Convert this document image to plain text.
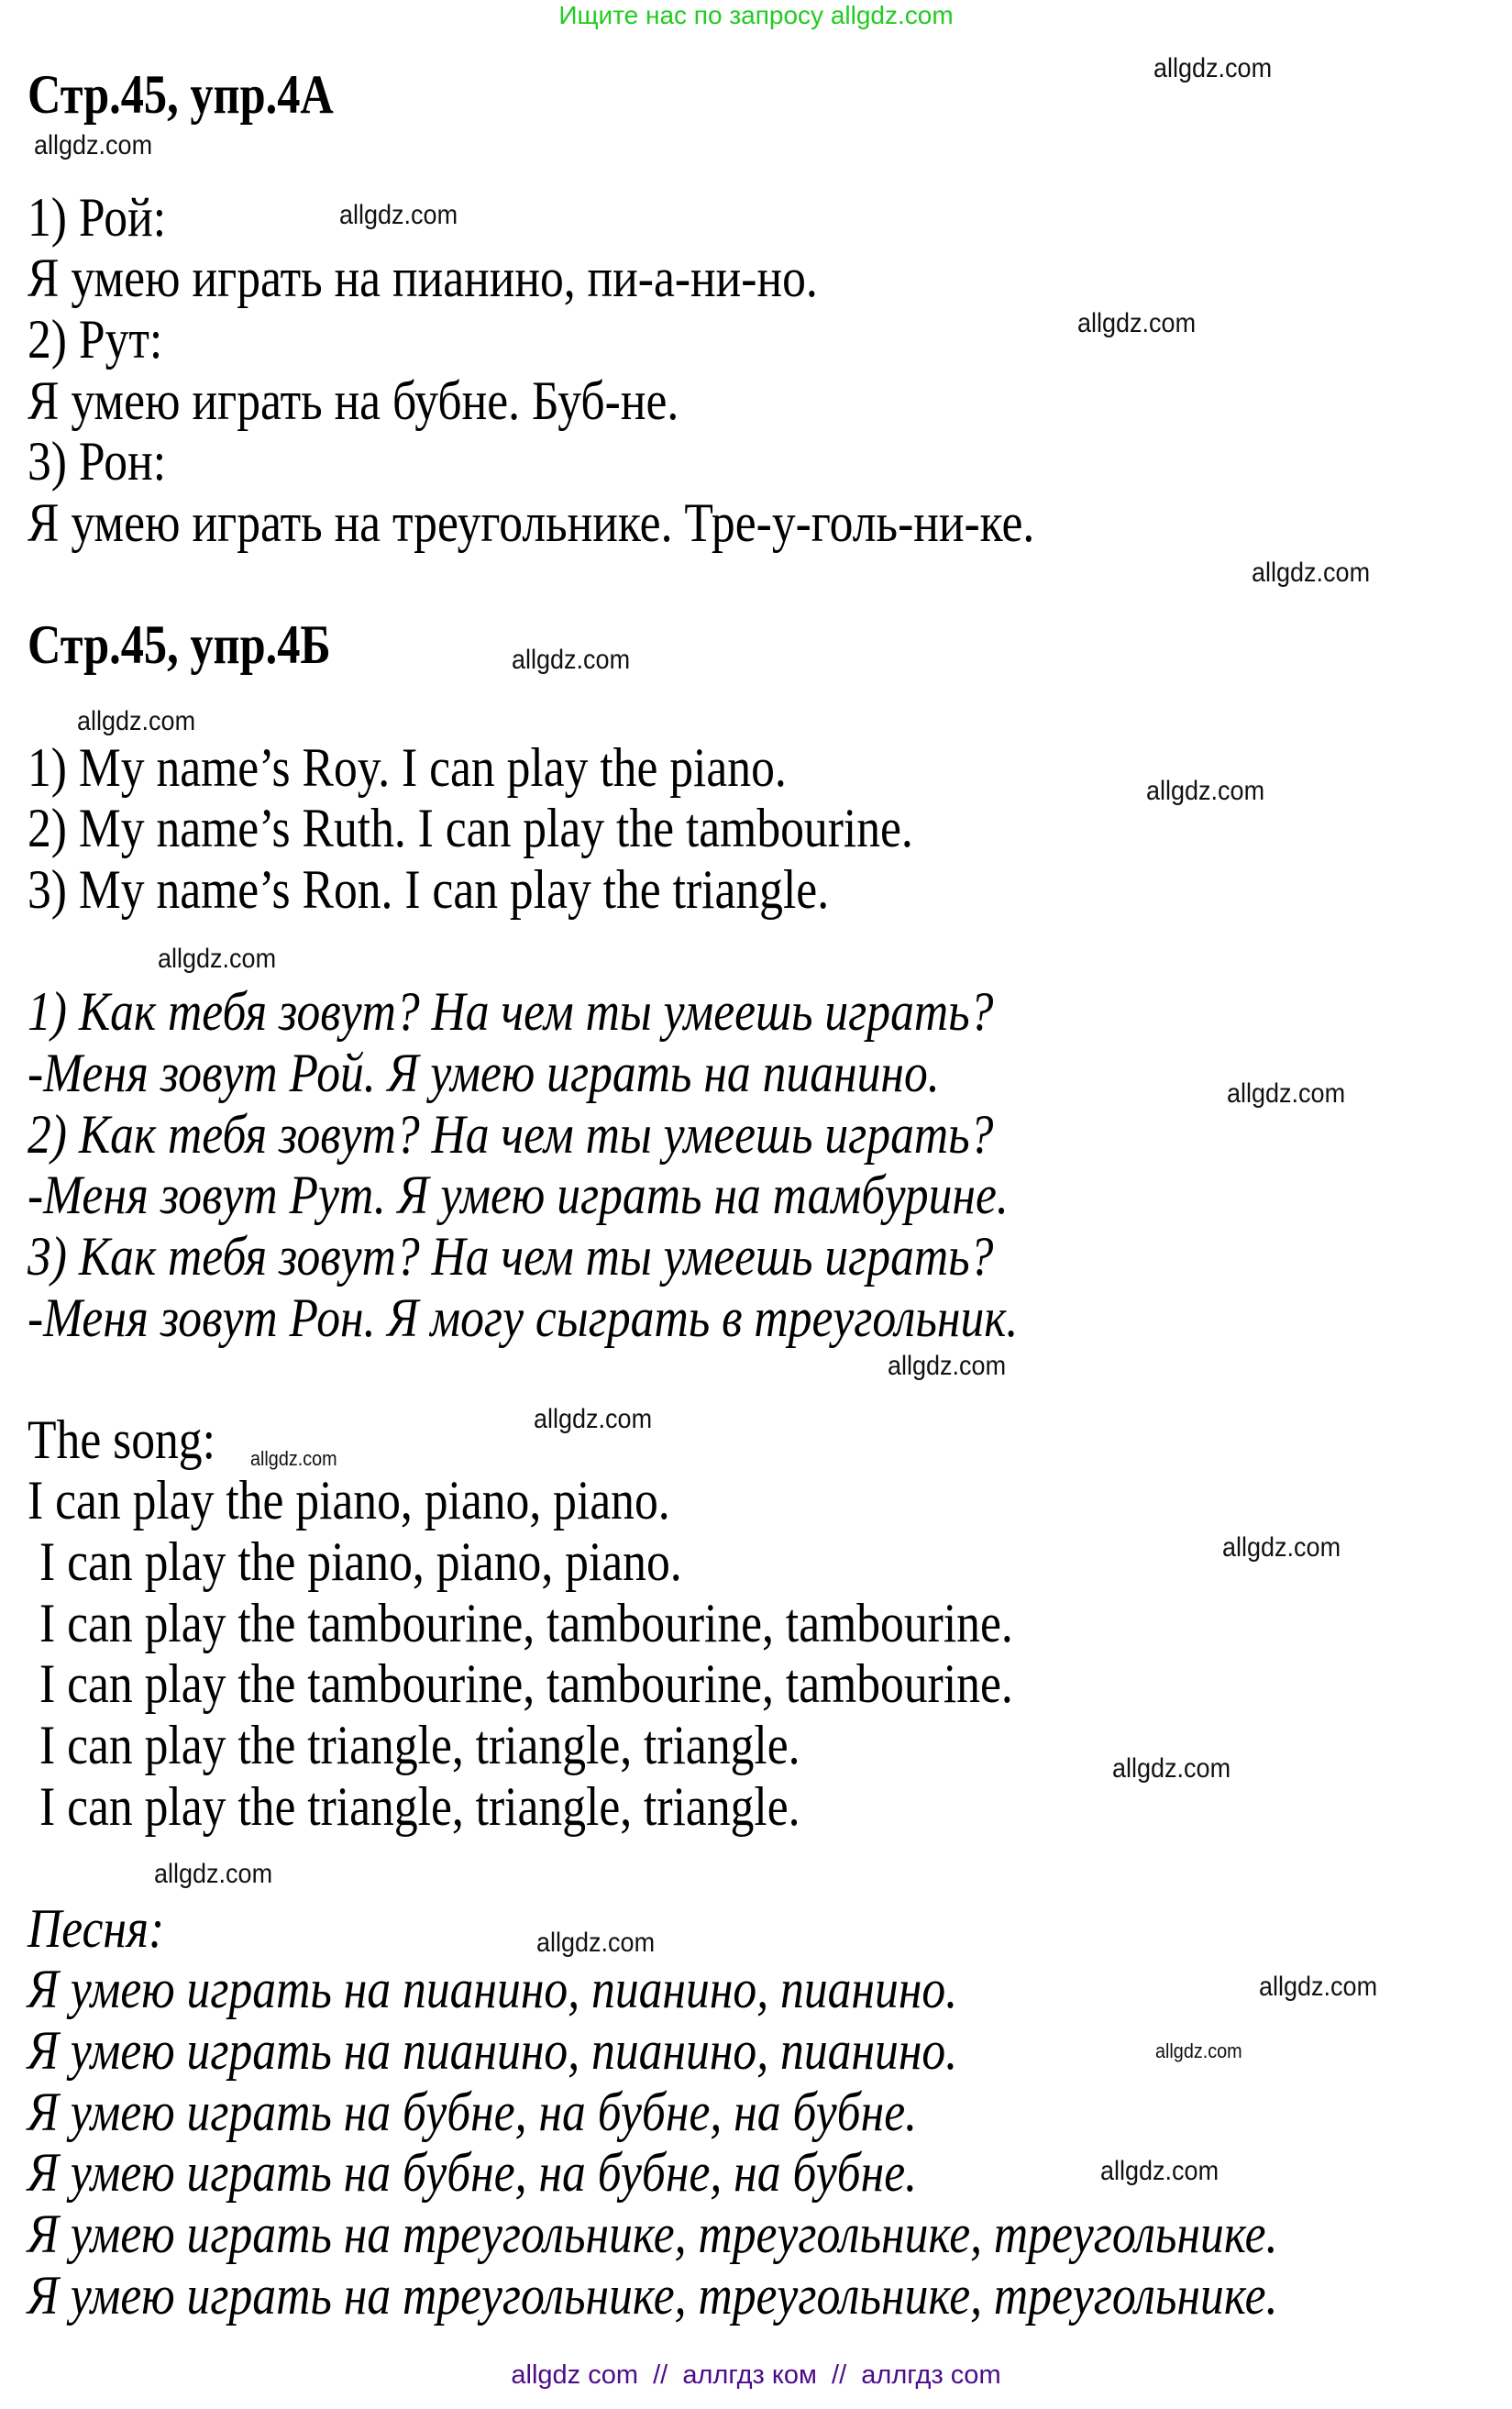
Ищите нас по запросу allgdz.com
Стр.45, упр.4А
1) Рой:
Я умею играть на пианино, пи-а-ни-но.
2) Рут:
Я умею играть на бубне. Буб-не.
3) Рон:
Я умею играть на треугольнике. Тре-у-голь-ни-ке.
Стр.45, упр.4Б
1) My name’s Roy. I can play the piano.
2) My name’s Ruth. I can play the tambourine.
3) My name’s Ron. I can play the triangle.
1) Как тебя зовут? На чем ты умеешь играть?
-Меня зовут Рой. Я умею играть на пианино.
2) Как тебя зовут? На чем ты умеешь играть?
-Меня зовут Рут. Я умею играть на тамбурине.
3) Как тебя зовут? На чем ты умеешь играть?
-Меня зовут Рон. Я могу сыграть в треугольник.
The song:
I can play the piano, piano, piano.
I can play the piano, piano, piano.
I can play the tambourine, tambourine, tambourine.
I can play the tambourine, tambourine, tambourine.
I can play the triangle, triangle, triangle.
I can play the triangle, triangle, triangle.
Песня:
Я умею играть на пианино, пианино, пианино.
Я умею играть на пианино, пианино, пианино.
Я умею играть на бубне, на бубне, на бубне.
Я умею играть на бубне, на бубне, на бубне.
Я умею играть на треугольнике, треугольнике, треугольнике.
Я умею играть на треугольнике, треугольнике, треугольнике.
allgdz.com
allgdz.com
allgdz.com
allgdz.com
allgdz.com
allgdz.com
allgdz.com
allgdz.com
allgdz.com
allgdz.com
allgdz.com
allgdz.com
allgdz.com
allgdz.com
allgdz.com
allgdz.com
allgdz.com
allgdz.com
allgdz.com
allgdz.com
allgdz com  //  аллгдз ком  //  аллгдз com
